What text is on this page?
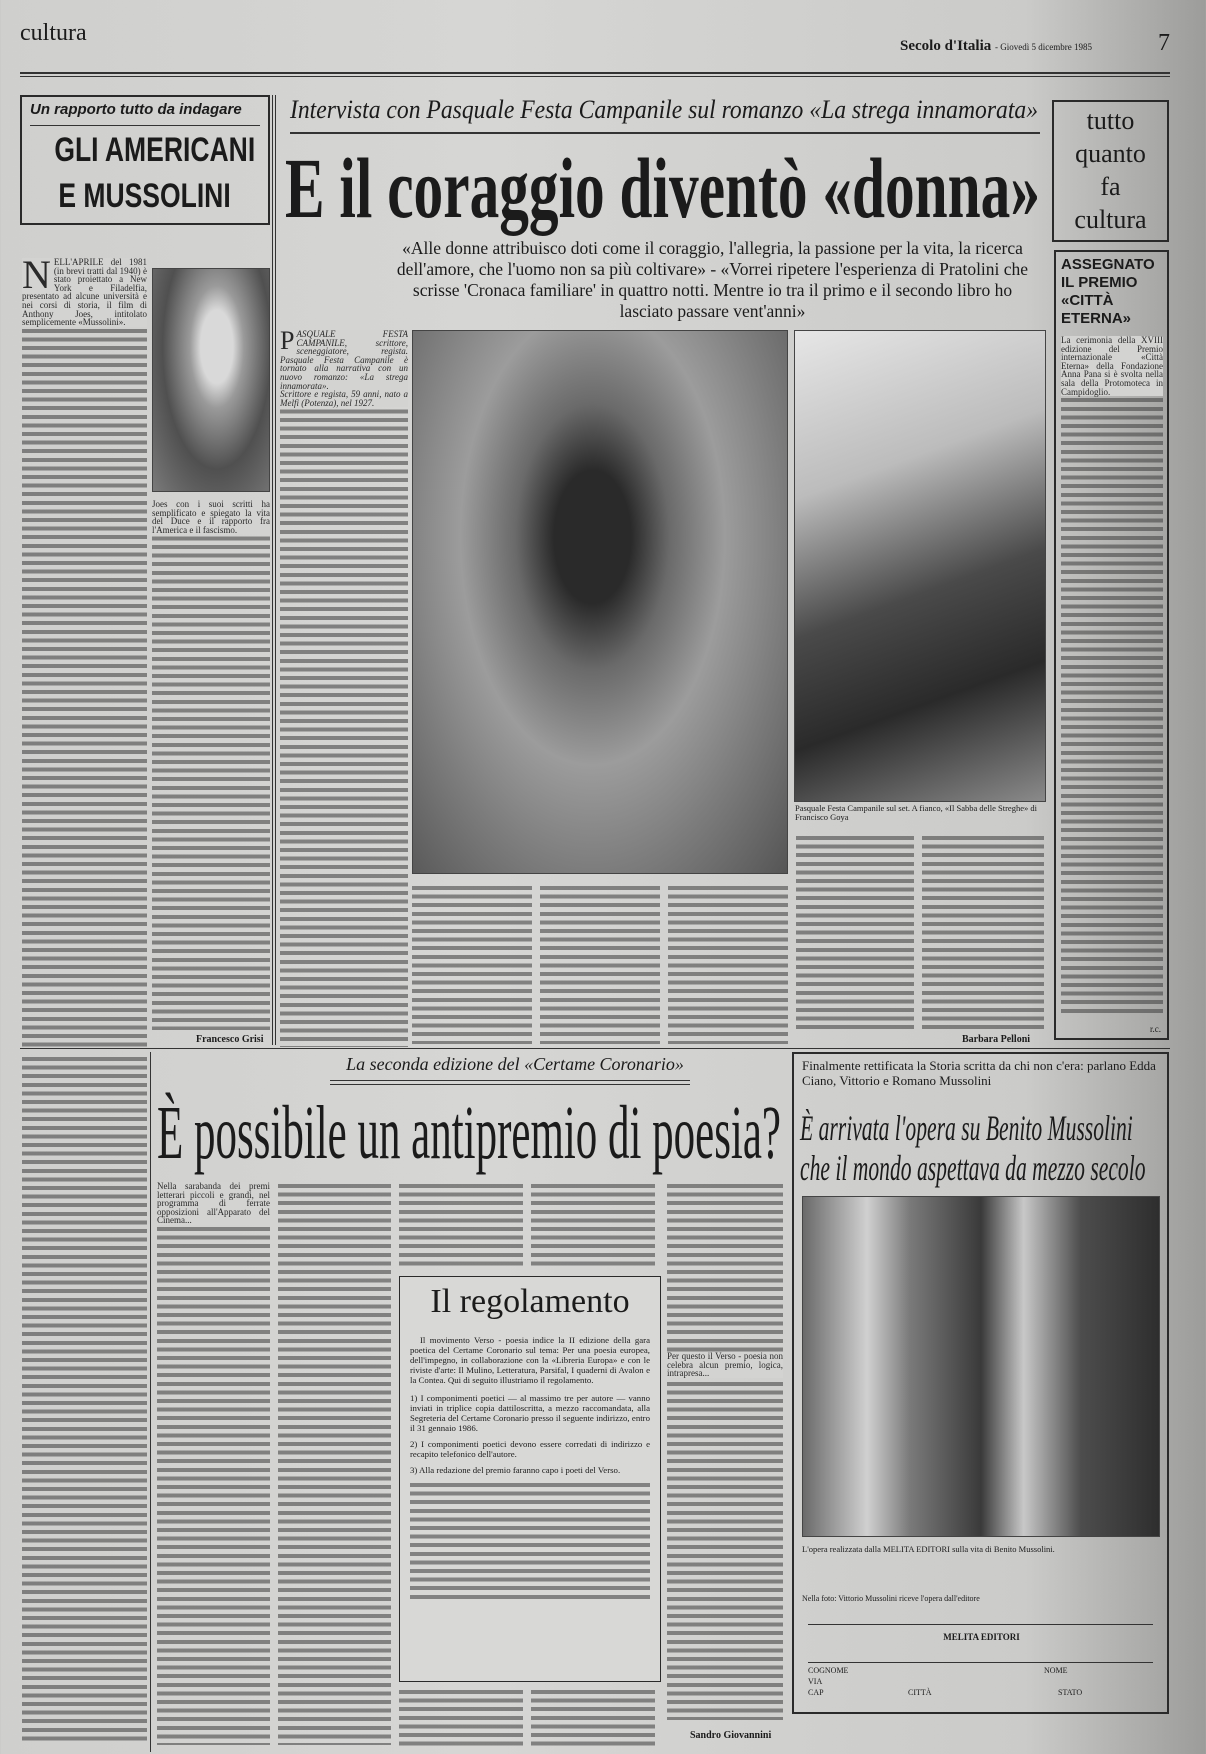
cultura	Secolo d'Italia - Giovedì 5 dicembre 1985	7
Un rapporto tutto da indagare
GLI AMERICANI
E MUSSOLINI
NELL'APRILE del 1981 (in brevi tratti dal 1940) è stato proiettato a New York e Filadelfia, presentato ad alcune università e nei corsi di storia, il film di Anthony Joes, intitolato semplicemente «Mussolini».
Joes con i suoi scritti ha semplificato e spiegato la vita del Duce e il rapporto fra l'America e il fascismo.
Francesco Grisi
Intervista con Pasquale Festa Campanile sul romanzo «La strega innamorata»
E il coraggio diventò «donna»
«Alle donne attribuisco doti come il coraggio, l'allegria, la passione per la vita, la ricerca dell'amore, che l'uomo non sa più coltivare» - «Vorrei ripetere l'esperienza di Pratolini che scrisse 'Cronaca familiare' in quattro notti. Mentre io tra il primo e il secondo libro ho lasciato passare vent'anni»
PASQUALE FESTA CAMPANILE, scrittore, sceneggiatore, regista. Pasquale Festa Campanile è tornato alla narrativa con un nuovo romanzo: «La strega innamorata».
Scrittore e regista, 59 anni, nato a Melfi (Potenza), nel 1927.
Pasquale Festa Campanile sul set. A fianco, «Il Sabba delle Streghe» di Francisco Goya
Barbara Pelloni
tutto
quanto
fa
cultura
ASSEGNATO IL PREMIO «CITTÀ ETERNA»
La cerimonia della XVIII edizione del Premio internazionale «Città Eterna» della Fondazione Anna Pana si è svolta nella sala della Protomoteca in Campidoglio.
r.c.
La seconda edizione del «Certame Coronario»
È possibile un antipremio di poesia?
Nella sarabanda dei premi letterari piccoli e grandi, nel programma di ferrate opposizioni all'Apparato del Cinema...
Per questo il Verso - poesia non celebra alcun premio, logica, intrapresa...
Sandro Giovannini
Il regolamento

Il movimento Verso - poesia indice la II edizione della gara poetica del Certame Coronario sul tema: Per una poesia europea, dell'impegno, in collaborazione con la «Libreria Europa» e con le riviste d'arte: Il Mulino, Letteratura, Parsifal, I quaderni di Avalon e la Contea. Qui di seguito illustriamo il regolamento.

1) I componimenti poetici — al massimo tre per autore — vanno inviati in triplice copia dattiloscritta, a mezzo raccomandata, alla Segreteria del Certame Coronario presso il seguente indirizzo, entro il 31 gennaio 1986.

2) I componimenti poetici devono essere corredati di indirizzo e recapito telefonico dell'autore.

3) Alla redazione del premio faranno capo i poeti del Verso.

Finalmente rettificata la Storia scritta da chi non c'era: parlano Edda Ciano, Vittorio e Romano Mussolini
È arrivata l'opera su Benito Mussolini
che il mondo aspettava da mezzo secolo
L'opera realizzata dalla MELITA EDITORI sulla vita di Benito Mussolini.
Nella foto: Vittorio Mussolini riceve l'opera dall'editore
MELITA EDITORI
COGNOME	NOME
VIA
CAP	CITTÀ	STATO
